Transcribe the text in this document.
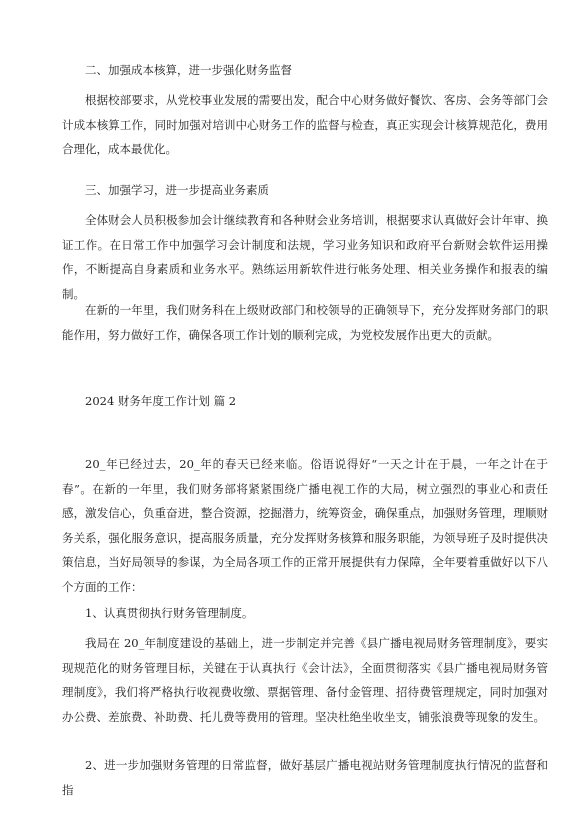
二、加强成本核算，进一步强化财务监督

根据校部要求，从党校事业发展的需要出发，配合中心财务做好餐饮、客房、会务等部门会计成本核算工作，同时加强对培训中心财务工作的监督与检查，真正实现会计核算规范化，费用合理化，成本最优化。

三、加强学习，进一步提高业务素质

全体财会人员积极参加会计继续教育和各种财会业务培训，根据要求认真做好会计年审、换证工作。在日常工作中加强学习会计制度和法规，学习业务知识和政府平台新财会软件运用操作，不断提高自身素质和业务水平。熟练运用新软件进行帐务处理、相关业务操作和报表的编制。

在新的一年里，我们财务科在上级财政部门和校领导的正确领导下，充分发挥财务部门的职能作用，努力做好工作，确保各项工作计划的顺利完成，为党校发展作出更大的贡献。

2024 财务年度工作计划 篇 2

20_年已经过去，20_年的春天已经来临。俗语说得好“一天之计在于晨，一年之计在于春”。在新的一年里，我们财务部将紧紧围绕广播电视工作的大局，树立强烈的事业心和责任感，激发信心，负重奋进，整合资源，挖掘潜力，统筹资金，确保重点，加强财务管理，理顺财务关系，强化服务意识，提高服务质量，充分发挥财务核算和服务职能，为领导班子及时提供决策信息，当好局领导的参谋，为全局各项工作的正常开展提供有力保障，全年要着重做好以下八个方面的工作：

1、认真贯彻执行财务管理制度。

我局在 20_年制度建设的基础上，进一步制定并完善《县广播电视局财务管理制度》，要实现规范化的财务管理目标，关键在于认真执行《会计法》，全面贯彻落实《县广播电视局财务管理制度》，我们将严格执行收视费收缴、票据管理、备付金管理、招待费管理规定，同时加强对办公费、差旅费、补助费、托儿费等费用的管理。坚决杜绝坐收坐支，铺张浪费等现象的发生。

2、进一步加强财务管理的日常监督，做好基层广播电视站财务管理制度执行情况的监督和指
